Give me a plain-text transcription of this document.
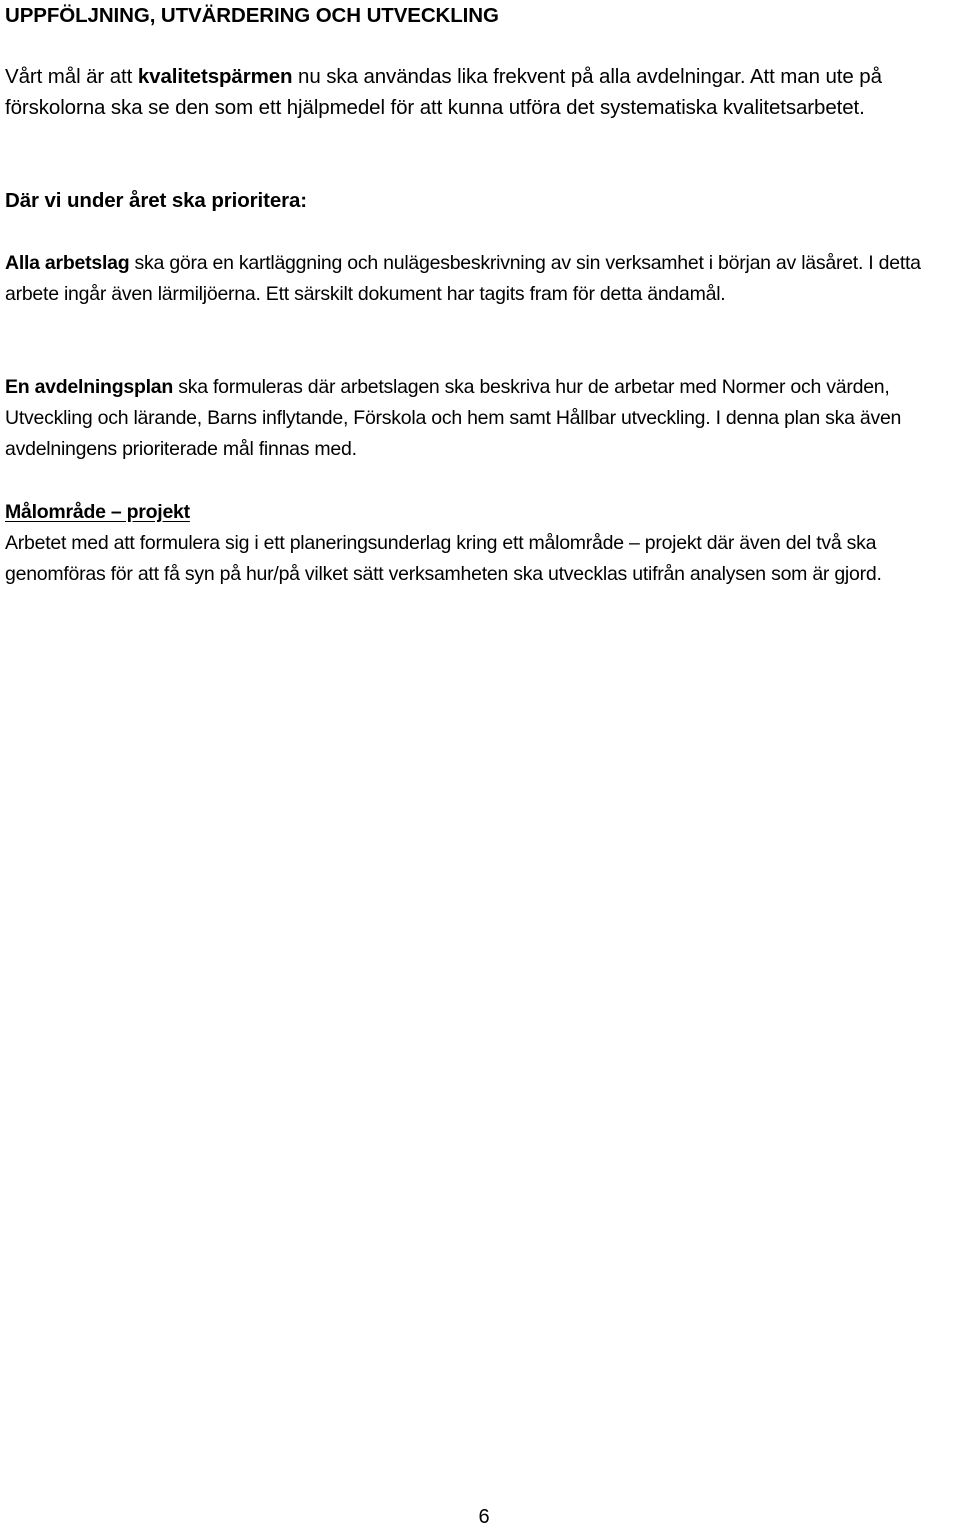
UPPFÖLJNING, UTVÄRDERING OCH UTVECKLING

Vårt mål är att kvalitetspärmen nu ska användas lika frekvent på alla avdelningar. Att man ute på förskolorna ska se den som ett hjälpmedel för att kunna utföra det systematiska kvalitetsarbetet.

Där vi under året ska prioritera:

Alla arbetslag ska göra en kartläggning och nulägesbeskrivning av sin verksamhet i början av läsåret. I detta arbete ingår även lärmiljöerna. Ett särskilt dokument har tagits fram för detta ändamål.

En avdelningsplan ska formuleras där arbetslagen ska beskriva hur de arbetar med Normer och värden, Utveckling och lärande, Barns inflytande, Förskola och hem samt Hållbar utveckling. I denna plan ska även avdelningens prioriterade mål finnas med.

Målområde – projekt

Arbetet med att formulera sig i ett planeringsunderlag kring ett målområde – projekt där även del två ska genomföras för att få syn på hur/på vilket sätt verksamheten ska utvecklas utifrån analysen som är gjord.

6
